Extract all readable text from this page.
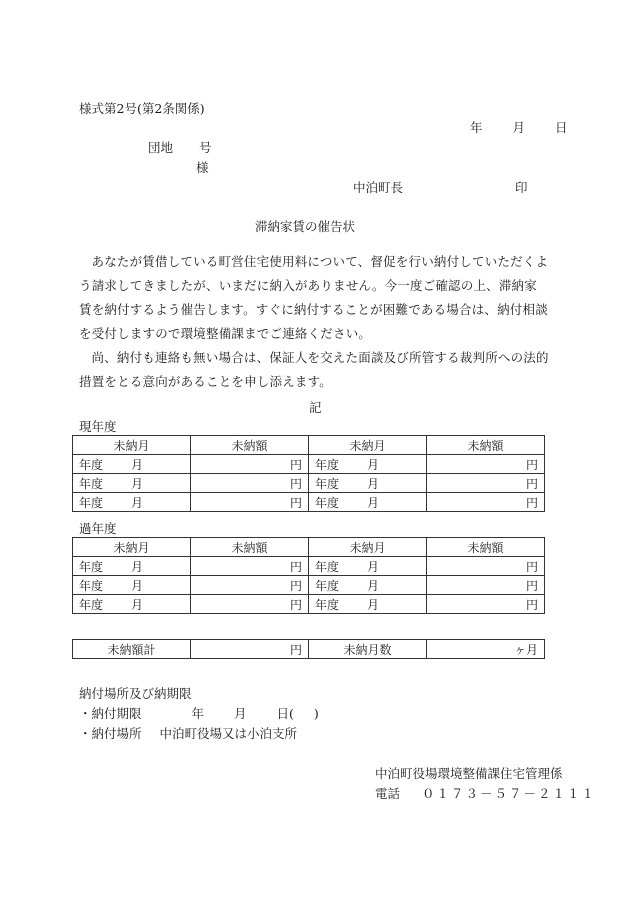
様式第2号(第2条関係)
年 月 日
団地 号
様
中泊町長	印
滞納家賃の催告状

あなたが賃借している町営住宅使用料について、督促を行い納付していただくよう請求してきましたが、いまだに納入がありません。今一度ご確認の上、滞納家賃を納付するよう催告します。すぐに納付することが困難である場合は、納付相談を受付しますので環境整備課までご連絡ください。

尚、納付も連絡も無い場合は、保証人を交えた面談及び所管する裁判所への法的措置をとる意向があることを申し添えます。

記
現年度
未納月	未納額	未納月	未納額
年度 月	円	年度 月	円
年度 月	円	年度 月	円
年度 月	円	年度 月	円
過年度
未納月	未納額	未納月	未納額
年度 月	円	年度 月	円
年度 月	円	年度 月	円
年度 月	円	年度 月	円
未納額計	円	未納月数	ヶ月
納付場所及び納期限
・納付期限	年 月 日( )
・納付場所 中泊町役場又は小泊支所
中泊町役場環境整備課住宅管理係
電話 ０１７３－５７－２１１１
